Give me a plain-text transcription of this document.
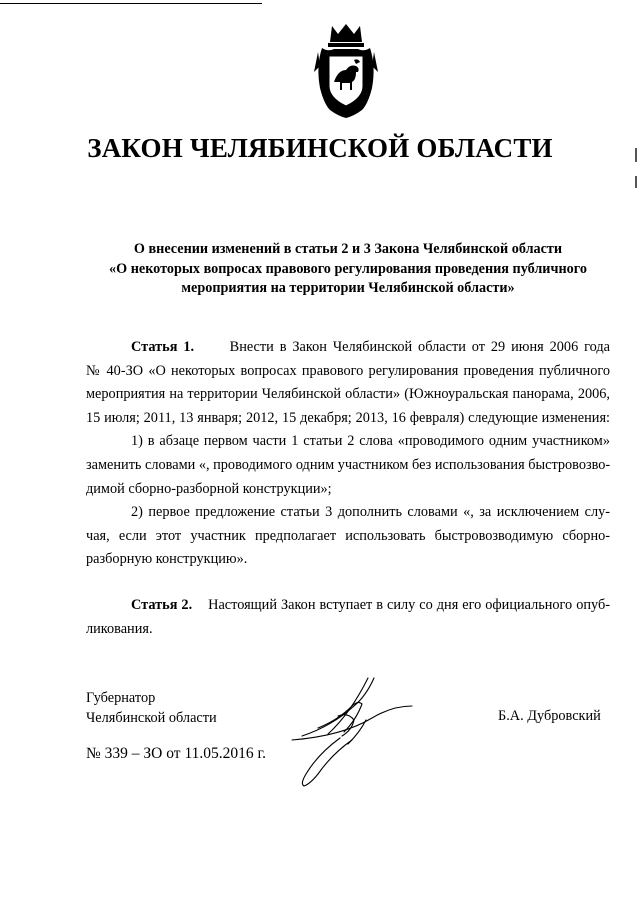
ЗАКОН ЧЕЛЯБИНСКОЙ ОБЛАСТИ
О внесении изменений в статьи 2 и 3 Закона Челябинской области
«О некоторых вопросах правового регулирования проведения публичного
мероприятия на территории Челябинской области»
Статья 1. Внести в Закон Челябинской области от 29 июня 2006 года
№ 40-ЗО «О некоторых вопросах правового регулирования проведения публичного
мероприятия на территории Челябинской области» (Южноуральская панорама, 2006,
15 июля; 2011, 13 января; 2012, 15 декабря; 2013, 16 февраля) следующие изменения:
1) в абзаце первом части 1 статьи 2 слова «проводимого одним участником»
заменить словами «, проводимого одним участником без использования быстровозво-
димой сборно-разборной конструкции»;
2) первое предложение статьи 3 дополнить словами «, за исключением слу-
чая, если этот участник предполагает использовать быстровозводимую сборно-
разборную конструкцию».
Статья 2. Настоящий Закон вступает в силу со дня его официального опуб-
ликования.
Губернатор
Челябинской области	Б.А. Дубровский
№ 339 – ЗО от 11.05.2016 г.
